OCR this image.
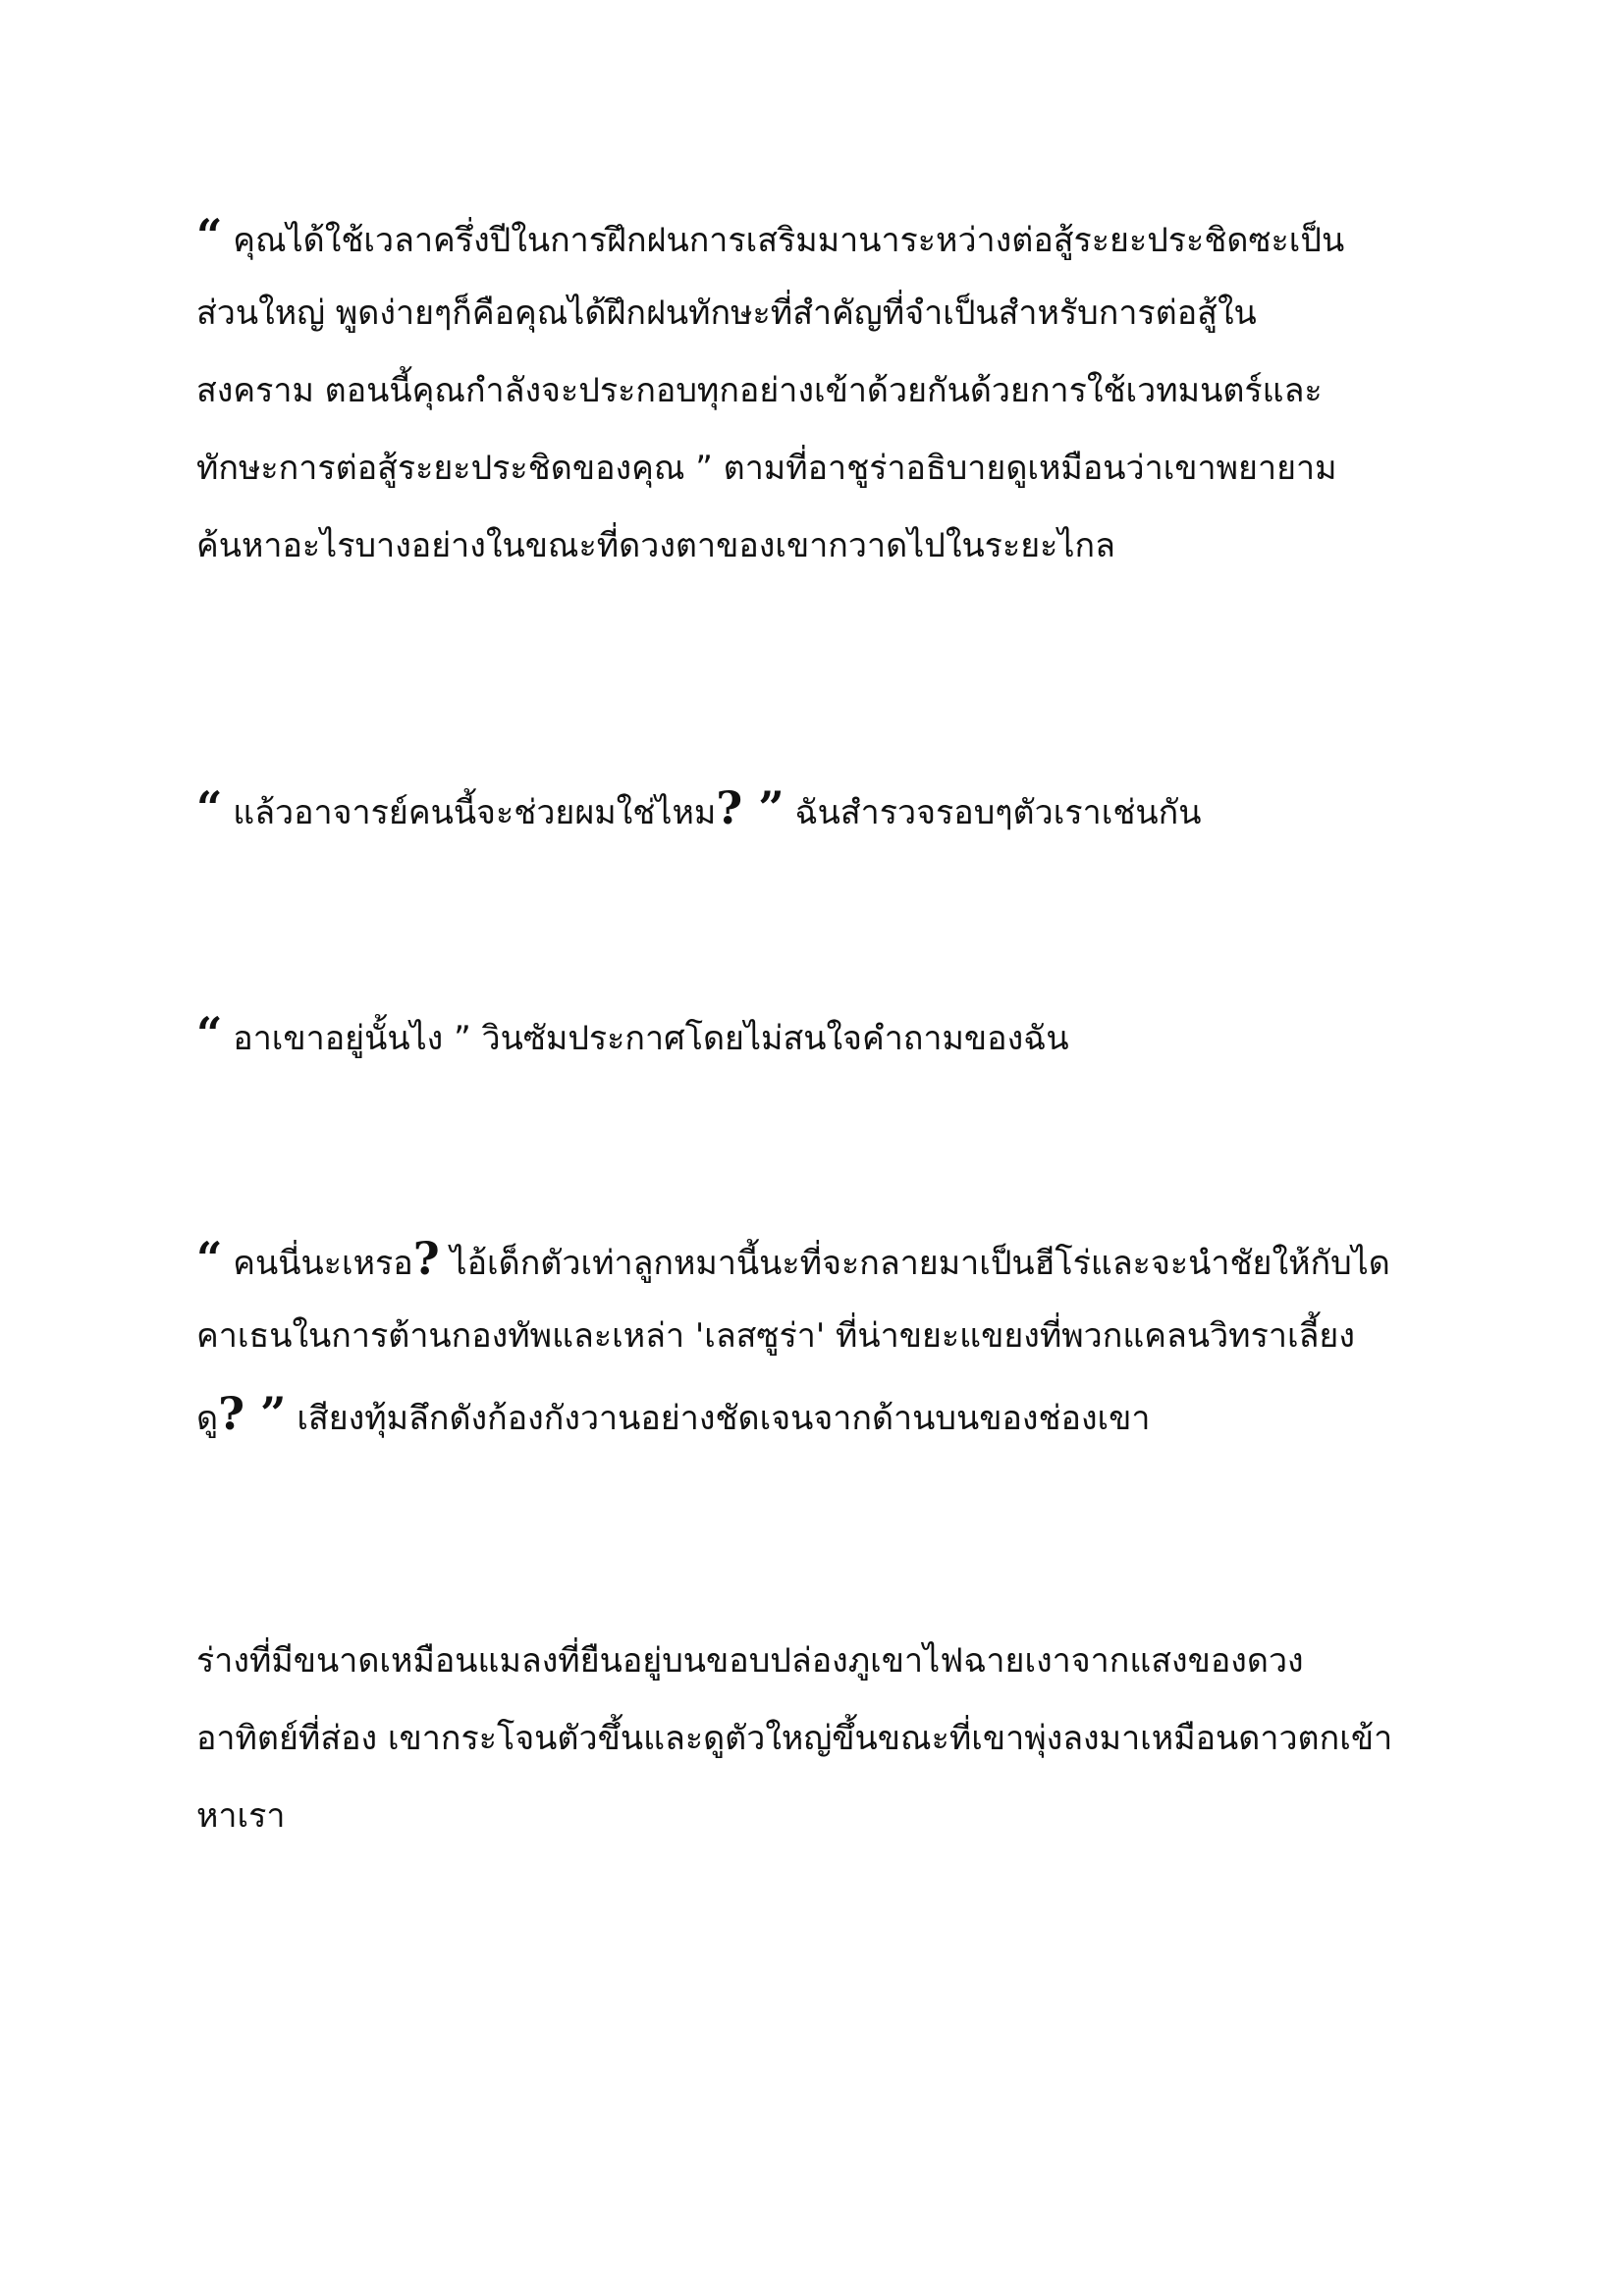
“ คุณได้ใช้เวลาครึ่งปีในการฝึกฝนการเสริมมานาระหว่างต่อสู้ระยะประชิดซะเป็น
ส่วนใหญ่ พูดง่ายๆก็คือคุณได้ฝึกฝนทักษะที่สำคัญที่จำเป็นสำหรับการต่อสู้ใน
สงคราม ตอนนี้คุณกำลังจะประกอบทุกอย่างเข้าด้วยกันด้วยการใช้เวทมนตร์และ
ทักษะการต่อสู้ระยะประชิดของคุณ ” ตามที่อาชูร่าอธิบายดูเหมือนว่าเขาพยายาม
ค้นหาอะไรบางอย่างในขณะที่ดวงตาของเขากวาดไปในระยะไกล

“ แล้วอาจารย์คนนี้จะช่วยผมใช่ไหม? ” ฉันสำรวจรอบๆตัวเราเช่นกัน

“ อาเขาอยู่นั้นไง ” วินซัมประกาศโดยไม่สนใจคำถามของฉัน

“ คนนี่นะเหรอ? ไอ้เด็กตัวเท่าลูกหมานี้นะที่จะกลายมาเป็นฮีโร่และจะนำชัยให้กับได
คาเธนในการต้านกองทัพและเหล่า 'เลสซูร่า' ที่น่าขยะแขยงที่พวกแคลนวิทราเลี้ยง
ดู? ” เสียงทุ้มลึกดังก้องกังวานอย่างชัดเจนจากด้านบนของช่องเขา

ร่างที่มีขนาดเหมือนแมลงที่ยืนอยู่บนขอบปล่องภูเขาไฟฉายเงาจากแสงของดวง
อาทิตย์ที่ส่อง เขากระโจนตัวขึ้นและดูตัวใหญ่ขึ้นขณะที่เขาพุ่งลงมาเหมือนดาวตกเข้า
หาเรา
